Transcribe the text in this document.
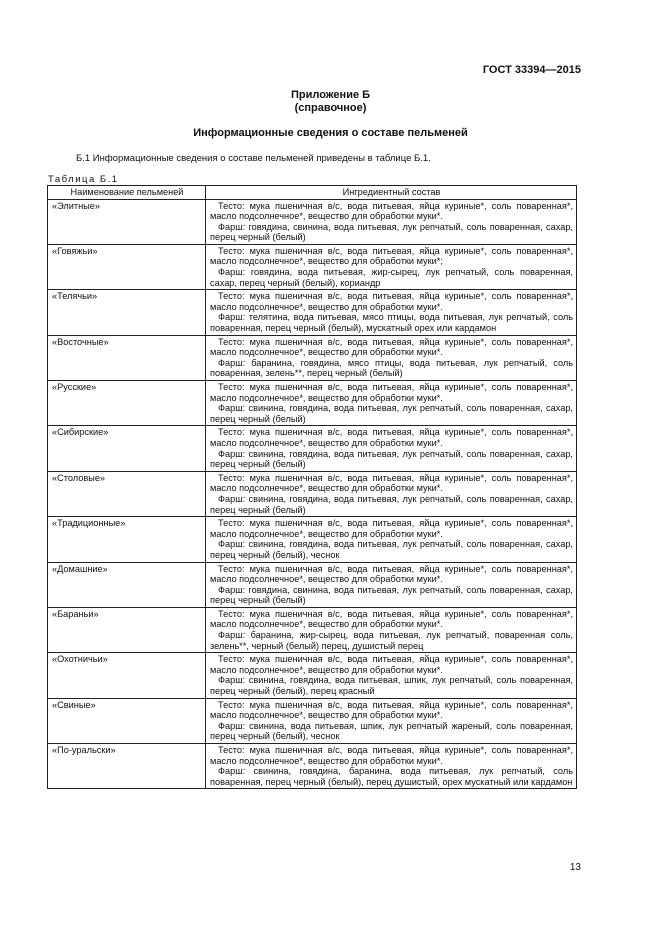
ГОСТ 33394—2015
Приложение Б
(справочное)
Информационные сведения о составе пельменей
Б.1 Информационные сведения о составе пельменей приведены в таблице Б.1.
Таблица Б.1
Наименование пельменей	Ингредиентный состав
«Элитные»	Тесто: мука пшеничная в/с, вода питьевая, яйца куриные*, соль поваренная*, масло подсолнечное*, вещество для обработки муки*.

Фарш: говядина, свинина, вода питьевая, лук репчатый, соль поваренная, сахар, перец черный (белый)

«Говяжьи»	Тесто: мука пшеничная в/с, вода питьевая, яйца куриные*, соль поваренная*, масло подсолнечное*, вещество для обработки муки*;

Фарш: говядина, вода питьевая, жир-сырец, лук репчатый, соль поваренная, сахар, перец черный (белый), кориандр

«Телячьи»	Тесто: мука пшеничная в/с, вода питьевая, яйца куриные*, соль поваренная*, масло подсолнечное*, вещество для обработки муки*.

Фарш: телятина, вода питьевая, мясо птицы, вода питьевая, лук репчатый, соль поваренная, перец черный (белый), мускатный орех или кардамон

«Восточные»	Тесто: мука пшеничная в/с, вода питьевая, яйца куриные*, соль поваренная*, масло подсолнечное*, вещество для обработки муки*.

Фарш: баранина, говядина, мясо птицы, вода питьевая, лук репчатый, соль поваренная, зелень**, перец черный (белый)

«Русские»	Тесто: мука пшеничная в/с, вода питьевая, яйца куриные*, соль поваренная*, масло подсолнечное*, вещество для обработки муки*.

Фарш: свинина, говядина, вода питьевая, лук репчатый, соль поваренная, сахар, перец черный (белый)

«Сибирские»	Тесто: мука пшеничная в/с, вода питьевая, яйца куриные*, соль поваренная*, масло подсолнечное*, вещество для обработки муки*.

Фарш: свинина, говядина, вода питьевая, лук репчатый, соль поваренная, сахар, перец черный (белый)

«Столовые»	Тесто: мука пшеничная в/с, вода питьевая, яйца куриные*, соль поваренная*, масло подсолнечное*, вещество для обработки муки*.

Фарш: свинина, говядина, вода питьевая, лук репчатый, соль поваренная, сахар, перец черный (белый)

«Традиционные»	Тесто: мука пшеничная в/с, вода питьевая, яйца куриные*, соль поваренная*, масло подсолнечное*, вещество для обработки муки*.

Фарш: свинина, говядина, вода питьевая, лук репчатый, соль поваренная, сахар, перец черный (белый), чеснок

«Домашние»	Тесто: мука пшеничная в/с, вода питьевая, яйца куриные*, соль поваренная*, масло подсолнечное*, вещество для обработки муки*.

Фарш: говядина, свинина, вода питьевая, лук репчатый, соль поваренная, сахар, перец черный (белый)

«Бараньи»	Тесто: мука пшеничная в/с, вода питьевая, яйца куриные*, соль поваренная*, масло подсолнечное*, вещество для обработки муки*.

Фарш: баранина, жир-сырец, вода питьевая, лук репчатый, поваренная соль, зелень**, черный (белый) перец, душистый перец

«Охотничьи»	Тесто: мука пшеничная в/с, вода питьевая, яйца куриные*, соль поваренная*, масло подсолнечное*, вещество для обработки муки*.

Фарш: свинина, говядина, вода питьевая, шпик, лук репчатый, соль поваренная, перец черный (белый), перец красный

«Свиные»	Тесто: мука пшеничная в/с, вода питьевая, яйца куриные*, соль поваренная*, масло подсолнечное*, вещество для обработки муки*.

Фарш: свинина, вода питьевая, шпик, лук репчатый жареный, соль поваренная, перец черный (белый), чеснок

«По-уральски»	Тесто: мука пшеничная в/с, вода питьевая, яйца куриные*, соль поваренная*, масло подсолнечное*, вещество для обработки муки*.

Фарш: свинина, говядина, баранина, вода питьевая, лук репчатый, соль поваренная, перец черный (белый), перец душистый, орех мускатный или кардамон

13
